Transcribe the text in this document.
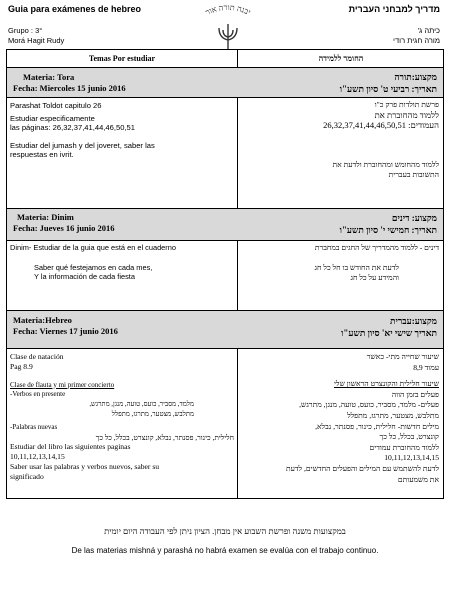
Guia para exámenes de hebreo	מדריך למבחני העברית
Grupo : 3°
Morá Hagit Rudy
כיתה ג'
מורה חגית רודי
יבנה תורה אור
Temas Por estudiar	החומר ללמידה
Materia: Tora
Fecha: Miercoles 15 junio 2016
מקצוע:תורה
תאריך: רביעי ט' סיון תשע"ו
Parashat Toldot capitulo 26
Estudiar especificamente
las páginas: 26,32,37,41,44,46,50,51
Estudiar del jumash y del joveret, saber las
respuestas en ivrit.
פרשת תולדות פרק כ"ו
ללמוד מהחוברת את
העמודים: 26,32,37,41,44,46,50,51
ללמוד מהחומש ומהחוברת ולדעת את
התשובות בעברית
Materia: Dinim
Fecha: Jueves 16 junio 2016
מקצוע: דינים
תאריך: חמישי י' סיון תשע"ו
Dinim- Estudiar de la guia que está en el cuaderno
Saber qué festejamos en cada mes,
Y la información de cada fiesta
דינים - ללמוד מהמדריך של החגים במחברת
לדעת את החודש בו חל כל חג
והמידע על כל חג
Materia:Hebreo
Fecha: Viernes 17 junio 2016
מקצוע:עברית
תאריך שישי יא' סיון תשע"ו
Clase de natación
Pag 8.9
Clase de flauta y mi primer concierto
-Verbos en presente
מלמד, מסביר, כועס, טועה, מנגן, מתרגש,
מתלבש, מצטער, מתרגז, מתפלל
-Palabras nuevas
חלילית, כינור, פסנתר, נבלא, קונצרט, בכלל, כל כך
Estudiar del libro las siguientes paginas
10,11,12,13,14,15
Saber usar las palabras y verbos nuevos, saber su
significado
שיעור שחייה מתי- כאשר
עמוד 8,9
שיעור חלילית והקונצרט הראשון שלי
פעלים בזמן הווה
פעלים- מלמד, מסביר, כועס, טועה, מנגן, מתרגש,
מתלבש, מצטער, מתרגז, מתפלל
מילים חדשות- חלילית, כינור, פסנתר, נבלא,
קונצרט, בכלל, כל כך
ללמוד מהחוברת עמודים
10,11,12,13,14,15
לדעת להשתמש עם המילים והפעלים החדשים, לדעת
את משמעותם
במקצועות משנה ופרשת השבוע אין מבחן. הציון ניתן לפי העבודה היום יומית
De las materias mishná y parashá no habrá examen se evalúa con el trabajo continuo.
